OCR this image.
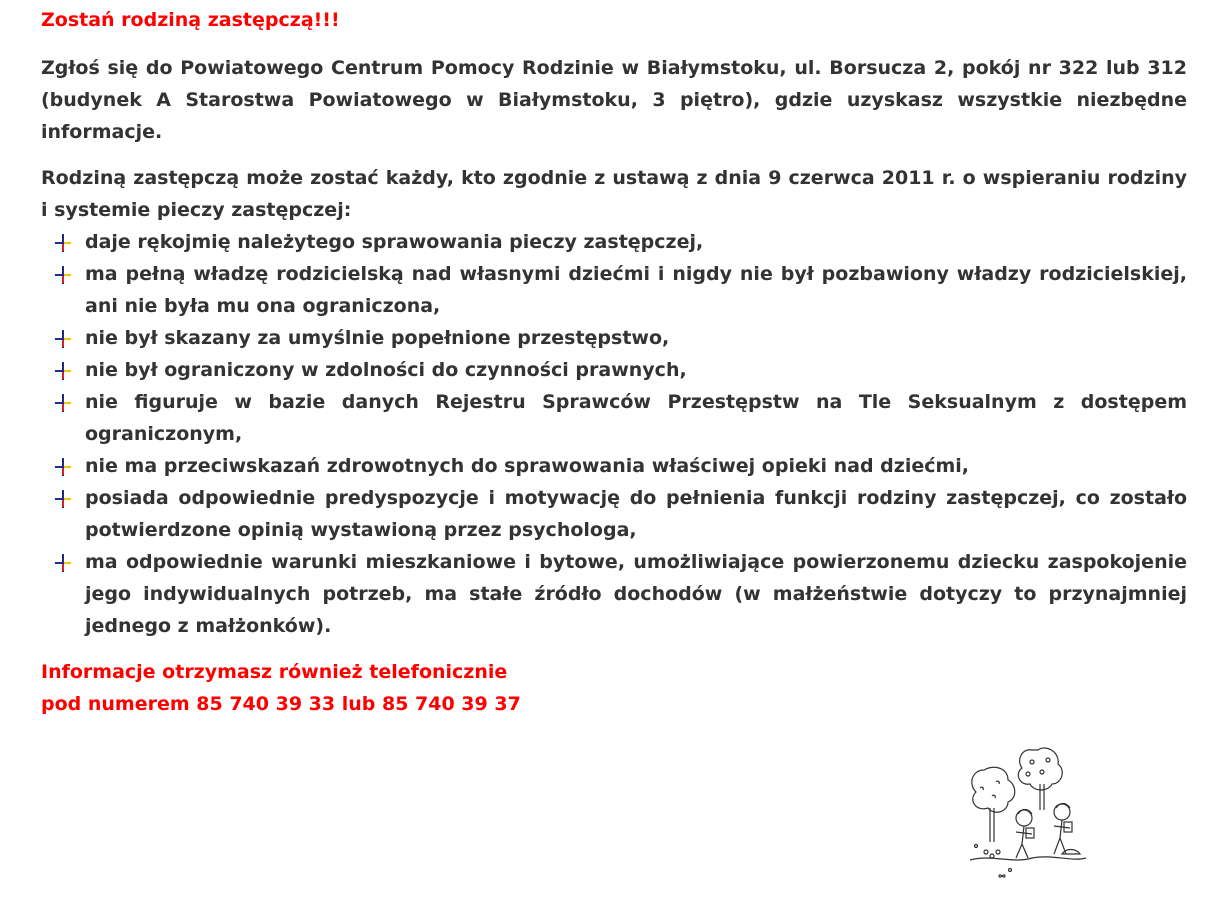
Zostań rodziną zastępczą!!!

Zgłoś się do Powiatowego Centrum Pomocy Rodzinie w Białymstoku, ul. Borsucza 2, pokój nr 322 lub 312 (budynek A Starostwa Powiatowego w Białymstoku, 3 piętro), gdzie uzyskasz wszystkie niezbędne informacje.

Rodziną zastępczą może zostać każdy, kto zgodnie z ustawą z dnia 9 czerwca 2011 r. o wspieraniu rodziny i systemie pieczy zastępczej:

daje rękojmię należytego sprawowania pieczy zastępczej,
ma pełną władzę rodzicielską nad własnymi dziećmi i nigdy nie był pozbawiony władzy rodzicielskiej, ani nie była mu ona ograniczona,
nie był skazany za umyślnie popełnione przestępstwo,
nie był ograniczony w zdolności do czynności prawnych,
nie figuruje w bazie danych Rejestru Sprawców Przestępstw na Tle Seksualnym z dostępem ograniczonym,
nie ma przeciwskazań zdrowotnych do sprawowania właściwej opieki nad dziećmi,
posiada odpowiednie predyspozycje i motywację do pełnienia funkcji rodziny zastępczej, co zostało potwierdzone opinią wystawioną przez psychologa,
ma odpowiednie warunki mieszkaniowe i bytowe, umożliwiające powierzonemu dziecku zaspokojenie jego indywidualnych potrzeb, ma stałe źródło dochodów (w małżeństwie dotyczy to przynajmniej jednego z małżonków).
Informacje otrzymasz również telefonicznie
pod numerem 85 740 39 33 lub 85 740 39 37
